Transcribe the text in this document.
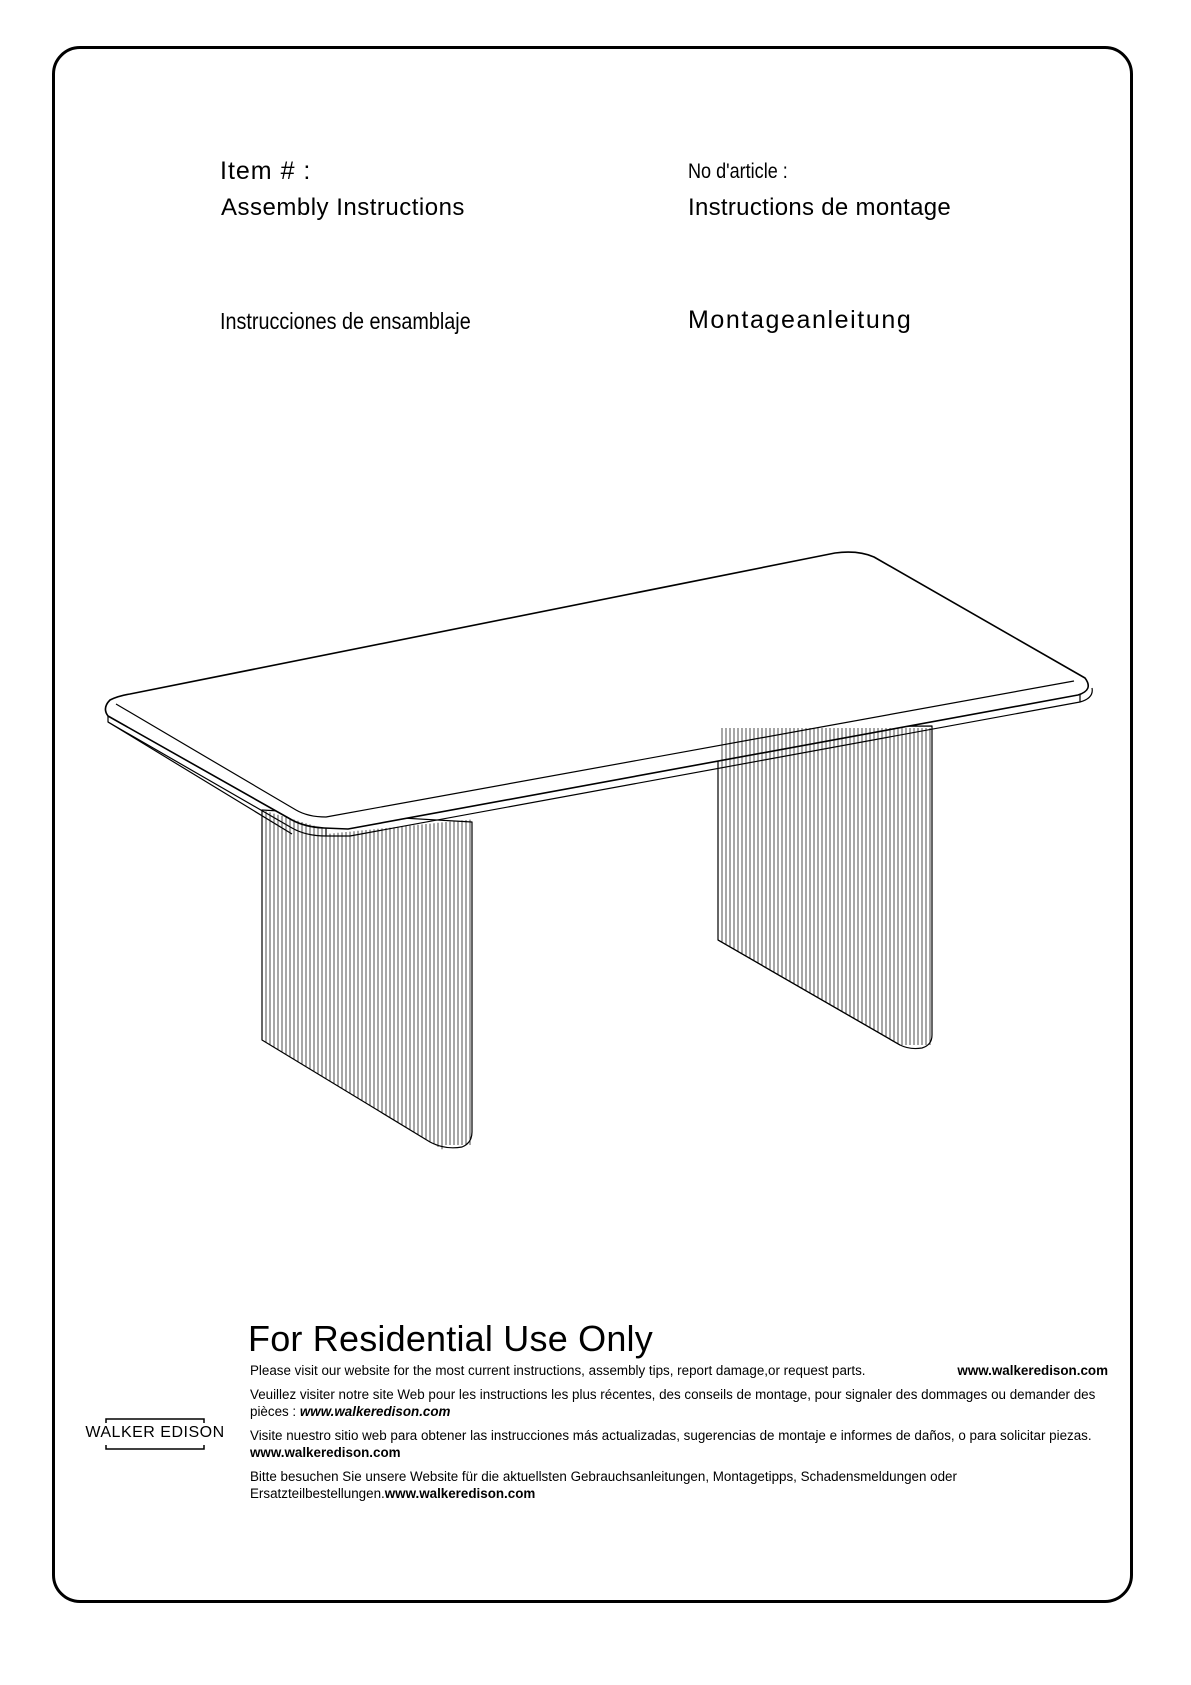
Item # :
Assembly Instructions
No d'article :
Instructions de montage
Instrucciones de ensamblaje	Montageanleitung
For Residential Use Only
Please visit our website for the most current instructions, assembly tips, report damage,or request parts.	www.walkeredison.com
Veuillez visiter notre site Web pour les instructions les plus récentes, des conseils de montage, pour signaler des dommages ou demander des pièces : www.walkeredison.com
Visite nuestro sitio web para obtener las instrucciones más actualizadas, sugerencias de montaje e informes de daños, o para solicitar piezas. www.walkeredison.com
Bitte besuchen Sie unsere Website für die aktuellsten Gebrauchsanleitungen, Montagetipps, Schadensmeldungen oder Ersatzteilbestellungen.www.walkeredison.com
WALKER EDISON
